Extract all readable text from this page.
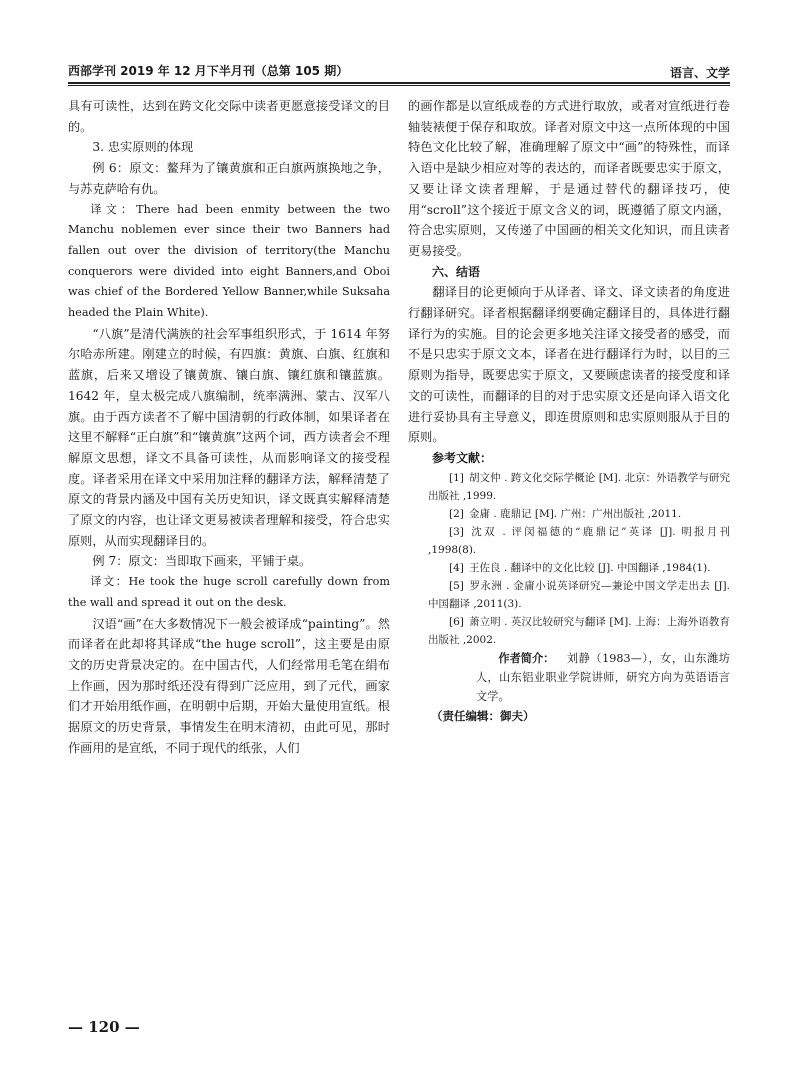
西部学刊 2019 年 12 月下半月刊（总第 105 期）	语言、文学

具有可读性，达到在跨文化交际中读者更愿意接受译文的目的。

3. 忠实原则的体现

例 6：原文：鳌拜为了镶黄旗和正白旗两旗换地之争，与苏克萨哈有仇。

译文：There had been enmity between the two Manchu noblemen ever since their two Banners had fallen out over the division of territory(the Manchu conquerors were divided into eight Banners,and Oboi was chief of the Bordered Yellow Banner,while Suksaha headed the Plain White).

“八旗”是清代满族的社会军事组织形式，于 1614 年努尔哈赤所建。刚建立的时候，有四旗：黄旗、白旗、红旗和蓝旗，后来又增设了镶黄旗、镶白旗、镶红旗和镶蓝旗。1642 年，皇太极完成八旗编制，统率满洲、蒙古、汉军八旗。由于西方读者不了解中国清朝的行政体制，如果译者在这里不解释“正白旗”和“镶黄旗”这两个词，西方读者会不理解原文思想，译文不具备可读性，从而影响译文的接受程度。译者采用在译文中采用加注释的翻译方法，解释清楚了原文的背景内涵及中国有关历史知识，译文既真实解释清楚了原文的内容，也让译文更易被读者理解和接受，符合忠实原则，从而实现翻译目的。

例 7：原文：当即取下画来，平铺于桌。

译文：He took the huge scroll carefully down from the wall and spread it out on the desk.

汉语“画”在大多数情况下一般会被译成“painting”。然而译者在此却将其译成“the huge scroll”，这主要是由原文的历史背景决定的。在中国古代，人们经常用毛笔在绢布上作画，因为那时纸还没有得到广泛应用，到了元代，画家们才开始用纸作画，在明朝中后期，开始大量使用宣纸。根据原文的历史背景，事情发生在明末清初，由此可见，那时作画用的是宣纸，不同于现代的纸张，人们

的画作都是以宣纸成卷的方式进行取放，或者对宣纸进行卷轴装裱便于保存和取放。译者对原文中这一点所体现的中国特色文化比较了解，准确理解了原文中“画”的特殊性，而译入语中是缺少相应对等的表达的，而译者既要忠实于原文，又要让译文读者理解，于是通过替代的翻译技巧，使用“scroll”这个接近于原文含义的词，既遵循了原文内涵，符合忠实原则，又传递了中国画的相关文化知识，而且读者更易接受。

六、结语

翻译目的论更倾向于从译者、译文、译文读者的角度进行翻译研究。译者根据翻译纲要确定翻译目的，具体进行翻译行为的实施。目的论会更多地关注译文接受者的感受，而不是只忠实于原文文本，译者在进行翻译行为时，以目的三原则为指导，既要忠实于原文，又要顾虑读者的接受度和译文的可读性，而翻译的目的对于忠实原文还是向译入语文化进行妥协具有主导意义，即连贯原则和忠实原则服从于目的原则。

参考文献：

[1] 胡文仲 . 跨文化交际学概论 [M]. 北京：外语教学与研究出版社 ,1999.

[2] 金庸 . 鹿鼎记 [M]. 广州：广州出版社 ,2011.

[3] 沈双 . 评闵福德的“鹿鼎记”英译 [J]. 明报月刊 ,1998(8).

[4] 王佐良 . 翻译中的文化比较 [J]. 中国翻译 ,1984(1).

[5] 罗永洲 . 金庸小说英译研究—兼论中国文学走出去 [J]. 中国翻译 ,2011(3).

[6] 萧立明 . 英汉比较研究与翻译 [M]. 上海：上海外语教育出版社 ,2002.

作者简介： 刘静（1983—），女，山东潍坊人，山东铝业职业学院讲师，研究方向为英语语言文学。

（责任编辑：御夫）

— 120 —
